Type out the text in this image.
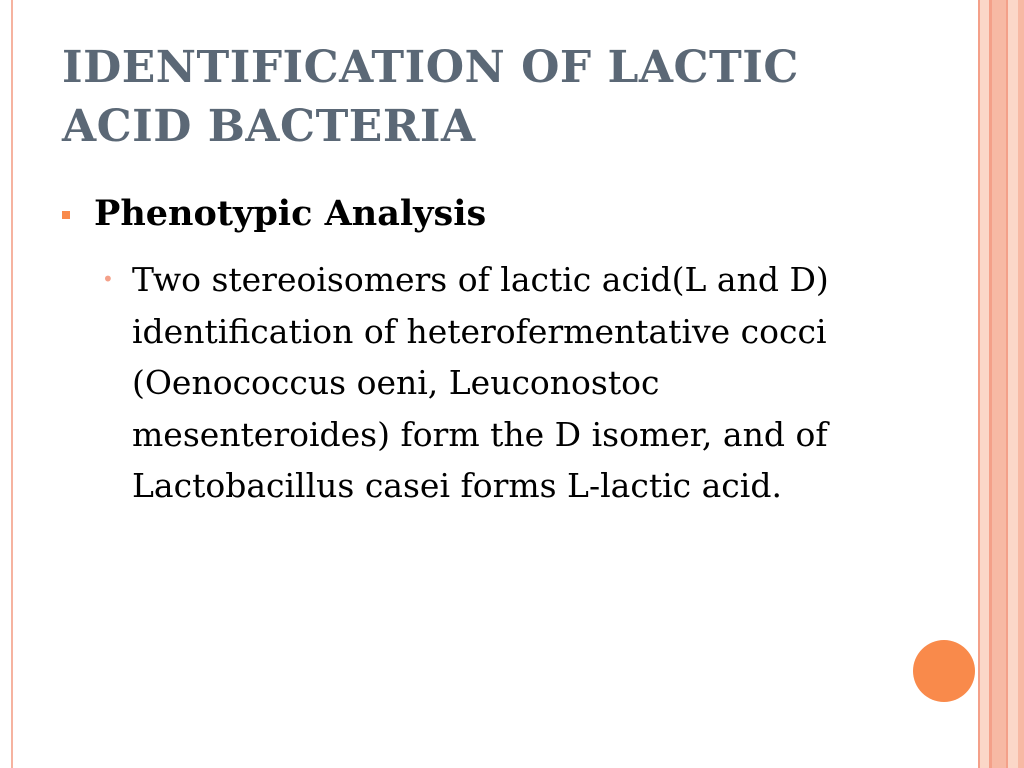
IDENTIFICATION OF LACTIC ACID BACTERIA
Phenotypic Analysis
• Two stereoisomers of lactic acid(L and D) identification of heterofermentative cocci (Oenococcus oeni, Leuconostoc mesenteroides) form the D isomer, and of Lactobacillus casei forms L-lactic acid.
